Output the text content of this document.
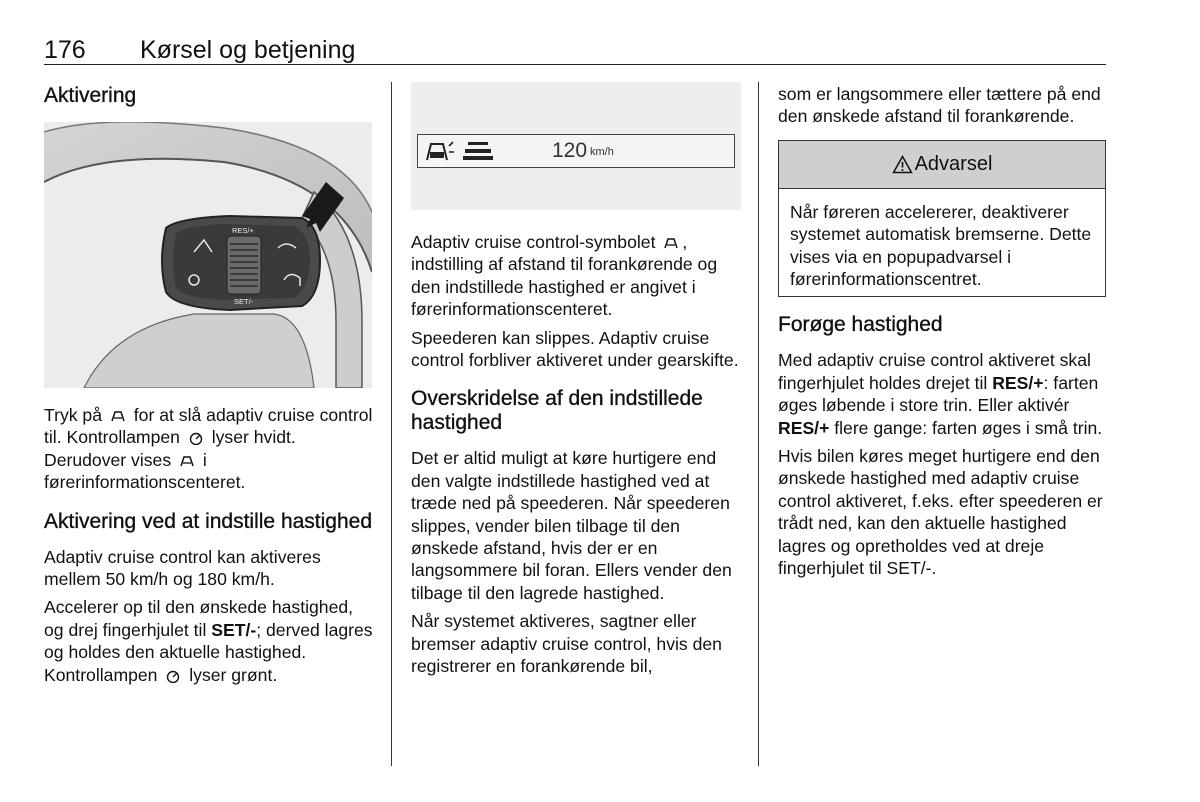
176 Kørsel og betjening
Aktivering
RES/+
SET/-

Tryk på for at slå adaptiv cruise control til. Kontrollampen lyser hvidt. Derudover vises i førerinformationscenteret.

Aktivering ved at indstille hastighed

Adaptiv cruise control kan aktiveres mellem 50 km/h og 180 km/h.

Accelerer op til den ønskede hastighed, og drej fingerhjulet til SET/-; derved lagres og holdes den aktuelle hastighed. Kontrollampen lyser grønt.

120 km/h

Adaptiv cruise control-symbolet , indstilling af afstand til forankørende og den indstillede hastighed er angivet i førerinformationscenteret.

Speederen kan slippes. Adaptiv cruise control forbliver aktiveret under gearskifte.

Overskridelse af den indstillede hastighed

Det er altid muligt at køre hurtigere end den valgte indstillede hastighed ved at træde ned på speederen. Når speederen slippes, vender bilen tilbage til den ønskede afstand, hvis der er en langsommere bil foran. Ellers vender den tilbage til den lagrede hastighed.

Når systemet aktiveres, sagtner eller bremser adaptiv cruise control, hvis den registrerer en forankørende bil,

som er langsommere eller tættere på end den ønskede afstand til forankørende.

Advarsel

Når føreren accelererer, deaktiverer systemet automatisk bremserne. Dette vises via en popupadvarsel i førerinformationscentret.

Forøge hastighed

Med adaptiv cruise control aktiveret skal fingerhjulet holdes drejet til RES/+: farten øges løbende i store trin. Eller aktivér RES/+ flere gange: farten øges i små trin.

Hvis bilen køres meget hurtigere end den ønskede hastighed med adaptiv cruise control aktiveret, f.eks. efter speederen er trådt ned, kan den aktuelle hastighed lagres og opretholdes ved at dreje fingerhjulet til SET/-.
